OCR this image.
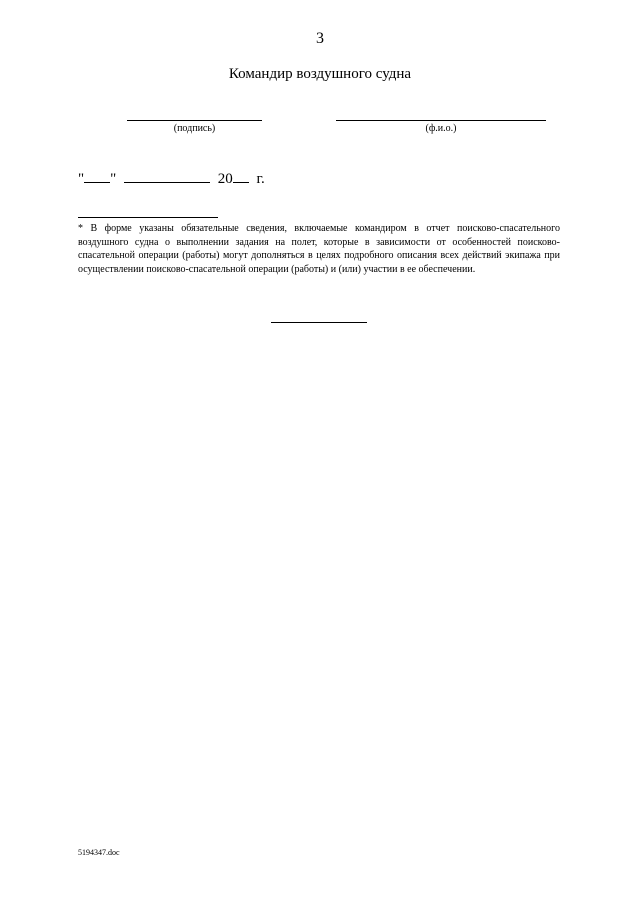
3
Командир воздушного судна
(подпись)	(ф.и.о.)
" "	20 г.
* В форме указаны обязательные сведения, включаемые командиром в отчет поисково-спасательного воздушного судна о выполнении задания на полет, которые в зависимости от особенностей поисково-спасательной операции (работы) могут дополняться в целях подробного описания всех действий экипажа при осуществлении поисково-спасательной операции (работы) и (или) участии в ее обеспечении.
5194347.doc
